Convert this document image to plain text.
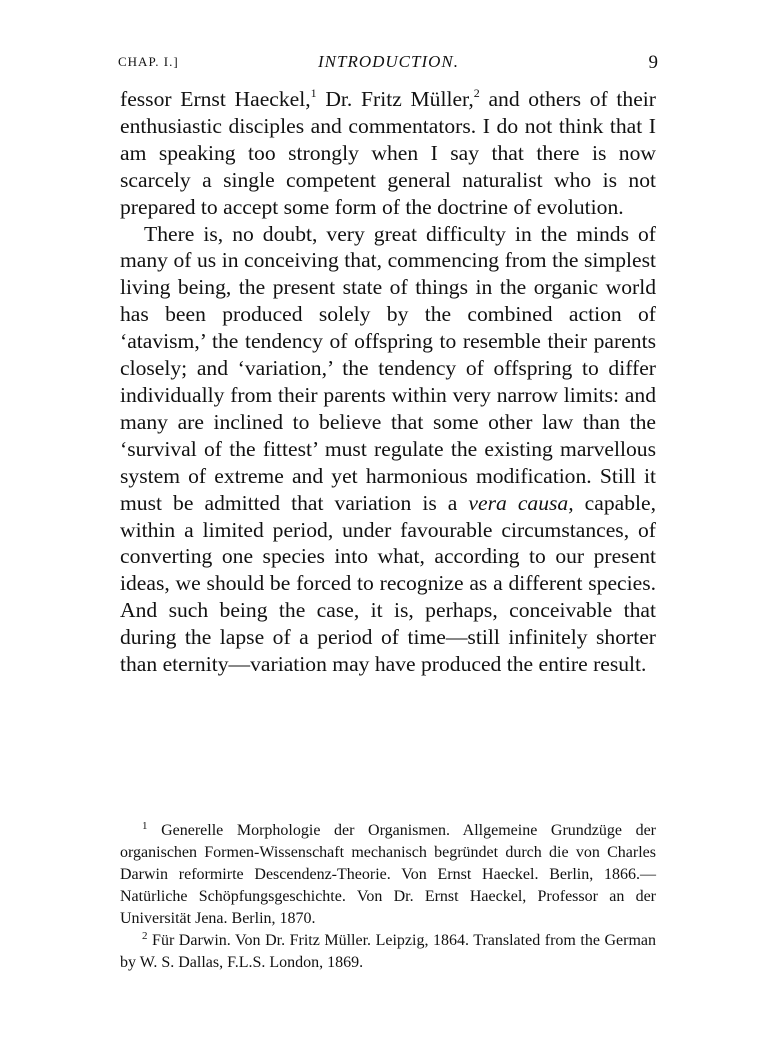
CHAP. I.]	INTRODUCTION.	9

fessor Ernst Haeckel,$^1$ Dr. Fritz Müller,$^2$ and others of their enthusiastic disciples and commentators. I do not think that I am speaking too strongly when I say that there is now scarcely a single competent general naturalist who is not prepared to accept some form of the doctrine of evolution.

There is, no doubt, very great difficulty in the minds of many of us in conceiving that, commencing from the simplest living being, the present state of things in the organic world has been produced solely by the combined action of ‘atavism,’ the tendency of offspring to resemble their parents closely; and ‘variation,’ the tendency of offspring to differ individually from their parents within very narrow limits: and many are inclined to believe that some other law than the ‘survival of the fittest’ must regulate the existing marvellous system of extreme and yet harmonious modification. Still it must be admitted that variation is a vera causa, capable, within a limited period, under favourable circumstances, of converting one species into what, according to our present ideas, we should be forced to recognize as a different species. And such being the case, it is, perhaps, conceivable that during the lapse of a period of time—still infinitely shorter than eternity—variation may have produced the entire result.

$^1$ Generelle Morphologie der Organismen. Allgemeine Grundzüge der organischen Formen-Wissenschaft mechanisch begründet durch die von Charles Darwin reformirte Descendenz-Theorie. Von Ernst Haeckel. Berlin, 1866.—Natürliche Schöpfungsgeschichte. Von Dr. Ernst Haeckel, Professor an der Universität Jena. Berlin, 1870.

$^2$ Für Darwin. Von Dr. Fritz Müller. Leipzig, 1864. Translated from the German by W. S. Dallas, F.L.S. London, 1869.
